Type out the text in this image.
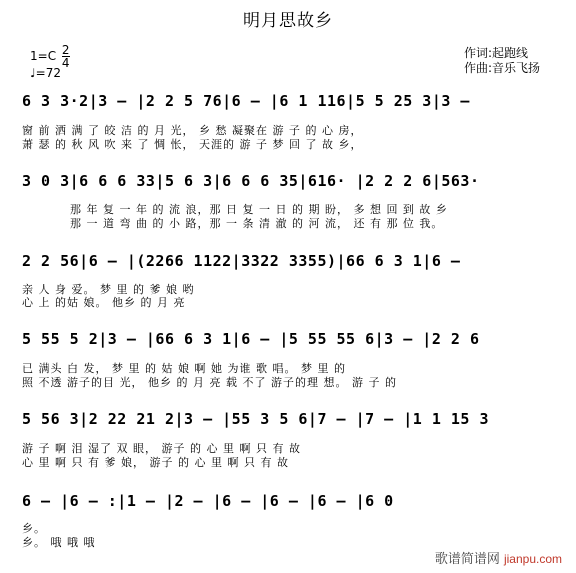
明月思故乡
$1=C \frac{2}{4}$
♩=72
作词:起跑线
作曲:音乐飞扬
6 3 3·2|3 – |2 2 5 76|6 – |6 1 116|5 5 25 3|3 –
窗 前 洒 满 了 皎 洁 的 月 光， 乡 愁 凝聚在 游 子 的 心 房，
萧 瑟 的 秋 风 吹 来 了 惆 怅， 天涯的 游 子 梦 回 了 故 乡，
3 0 3|6 6 6 33|5 6 3|6 6 6 35|616· |2 2 2 6|563·
那 年 复 一 年 的 流 浪，那 日 复 一 日 的 期 盼， 多 想 回 到 故 乡
那 一 道 弯 曲 的 小 路，那 一 条 清 澈 的 河 流， 还 有 那 位 我。
2 2 56|6 – |(2266 1122|3322 3355)|66 6 3 1|6 –
亲 人 身 爱。 梦 里 的 爹 娘 哟
心 上 的姑 娘。 他乡 的 月 亮
5 55 5 2|3 – |66 6 3 1|6 – |5 55 55 6|3 – |2 2 6
已 满头 白 发， 梦 里 的 姑 娘 啊 她 为谁 歌 唱。 梦 里 的
照 不透 游子的目 光， 他乡 的 月 亮 载 不了 游子的理 想。 游 子 的
5 56 3|2 22 21 2|3 – |55 3 5 6|7 – |7 – |1 1 15 3
游 子 啊 泪 湿了 双 眼， 游子 的 心 里 啊 只 有 故
心 里 啊 只 有 爹 娘， 游子 的 心 里 啊 只 有 故
6 – |6 – :|1 – |2 – |6 – |6 – |6 – |6 0
乡。
乡。 哦 哦 哦
歌谱简谱网 jianpu.com
